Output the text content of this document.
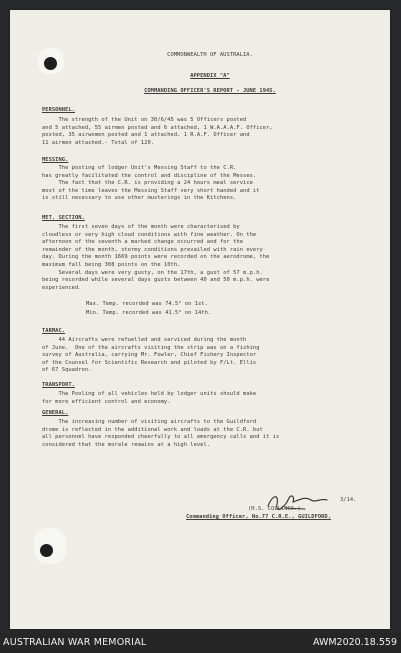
COMMONWEALTH OF AUSTRALIA.
APPENDIX "A"
COMMANDING OFFICER'S REPORT - JUNE 1945.
PERSONNEL.
The strength of the Unit on 30/6/45 was 5 Officers posted
and 5 attached, 55 airmen posted and 6 attached, 1 W.A.A.A.F. Officer,
posted, 35 airwomen posted and 1 attached, 1 R.A.F. Officer and
11 airmen attached.- Total of 120.
MESSING.
The posting of lodger Unit's Messing Staff to the C.R.
has greatly facilitated the control and discipline of the Messes.
The fact that the C.R. is providing a 24 hours meal service
most of the time leaves the Messing Staff very short handed and it
is still necessary to use other musterings in the Kitchens.
MET. SECTION.
The first seven days of the month were characterised by
cloudless or very high cloud conditions with fine weather. On the
afternoon of the seventh a marked change occurred and for the
remainder of the month, stormy conditions prevailed with rain every
day. During the month 1669 points were recorded on the aerodrome, the
maximum fall being 308 points on the 10th.
Several days were very gusty, on the 17th, a gust of 57 m.p.h.
being recorded while several days gusts between 40 and 50 m.p.h. were
experienced.
Max. Temp. recorded was 74.5° on 1st.
Min. Temp. recorded was 41.5° on 14th.
TARMAC.
44 Aircrafts were refuelled and serviced during the month
of June.  One of the aircrafts visiting the strip was on a fishing
survey of Australia, carrying Mr. Fowler, Chief Fishery Inspector
of the Counsel for Scientific Research and piloted by F/Lt. Ellis
of 67 Squadron.
TRANSPORT.
The Pooling of all vehicles held by lodger units should make
for more efficient control and economy.
GENERAL.
The increasing number of visiting aircrafts to the Guildford
drome is reflected in the additional work and loads at the C.R. but
all personnel have responded cheerfully to all emergency calls and it is
considered that the morale remains at a high level.
3/14.
(H.S. COLLINGS.)
Commanding Officer, No.77 C.R.E., GUILDFORD.
AUSTRALIAN WAR MEMORIAL	AWM2020.18.559
